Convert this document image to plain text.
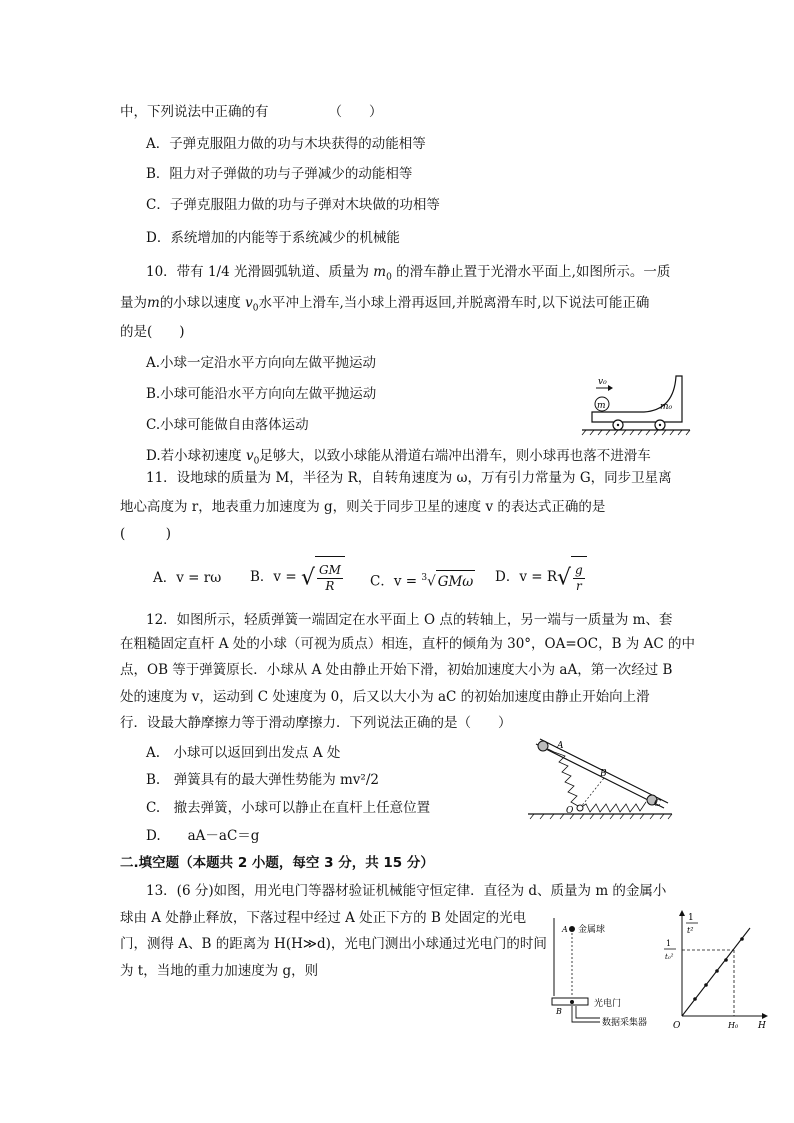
中，下列说法中正确的有	（　　）
A．子弹克服阻力做的功与木块获得的动能相等
B．阻力对子弹做的功与子弹减少的动能相等
C．子弹克服阻力做的功与子弹对木块做的功相等
D．系统增加的内能等于系统减少的机械能
10．带有 1/4 光滑圆弧轨道、质量为 $m_0$ 的滑车静止置于光滑水平面上,如图所示。一质
量为m的小球以速度 $v_0$水平冲上滑车,当小球上滑再返回,并脱离滑车时,以下说法可能正确
的是(　　)
A.小球一定沿水平方向向左做平抛运动
B.小球可能沿水平方向向左做平抛运动
C.小球可能做自由落体运动
D.若小球初速度 $v_0$足够大，以致小球能从滑道右端冲出滑车，则小球再也落不进滑车
v₀
m	m₀
11．设地球的质量为 M，半径为 R，自转角速度为 ω，万有引力常量为 G，同步卫星离
地心高度为 r，地表重力加速度为 g，则关于同步卫星的速度 v 的表达式正确的是
(　　　)
A．v = rω B．v = √ $\frac{GM}{R}$ C．v = $^3$√ GMω D．$v = R√ \frac{g}{r}$
12．如图所示，轻质弹簧一端固定在水平面上 O 点的转轴上，另一端与一质量为 m、套
在粗糙固定直杆 A 处的小球（可视为质点）相连，直杆的倾角为 30°，OA=OC，B 为 AC 的中
点，OB 等于弹簧原长．小球从 A 处由静止开始下滑，初始加速度大小为 aA，第一次经过 B
处的速度为 v，运动到 C 处速度为 0，后又以大小为 aC 的初始加速度由静止开始向上滑
行．设最大静摩擦力等于滑动摩擦力．下列说法正确的是（　　）
A.　小球可以返回到出发点 A 处
B.　弹簧具有的最大弹性势能为 mv²/2
C.　撤去弹簧，小球可以静止在直杆上任意位置
D.　　aA－aC＝g
A
B
C
O
二.填空题（本题共 2 小题，每空 3 分，共 15 分）
13．(6 分)如图，用光电门等器材验证机械能守恒定律．直径为 d、质量为 m 的金属小
球由 A 处静止释放，下落过程中经过 A 处正下方的 B 处固定的光电
门，测得 A、B 的距离为 H(H≫d)，光电门测出小球通过光电门的时间
为 t，当地的重力加速度为 g，则
A 金属球
光电门
B
数据采集器
1
t²
1
t₀²
O	H₀ H
